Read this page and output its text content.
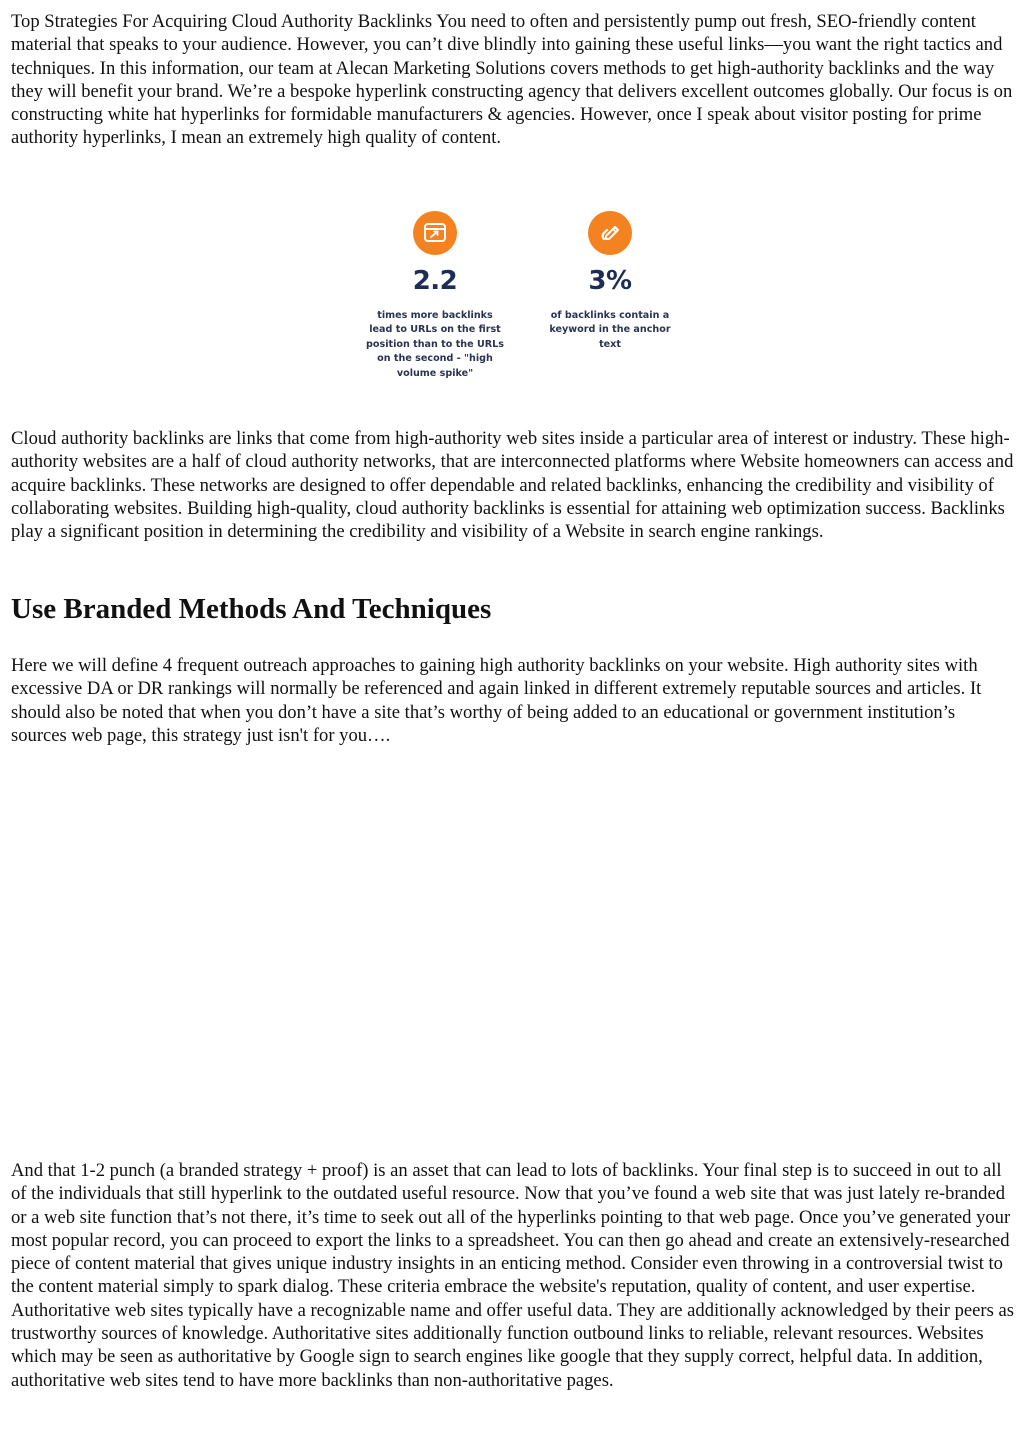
Top Strategies For Acquiring Cloud Authority Backlinks You need to often and persistently pump out fresh, SEO-friendly content material that speaks to your audience. However, you can’t dive blindly into gaining these useful links—you want the right tactics and techniques. In this information, our team at Alecan Marketing Solutions covers methods to get high-authority backlinks and the way they will benefit your brand. We’re a bespoke hyperlink constructing agency that delivers excellent outcomes globally. Our focus is on constructing white hat hyperlinks for formidable manufacturers & agencies. However, once I speak about visitor posting for prime authority hyperlinks, I mean an extremely high quality of content.

2.2
times more backlinks lead to URLs on the first position than to the URLs on the second - "high volume spike"
3%
of backlinks contain a keyword in the anchor text

Cloud authority backlinks are links that come from high-authority web sites inside a particular area of interest or industry. These high-authority websites are a half of cloud authority networks, that are interconnected platforms where Website homeowners can access and acquire backlinks. These networks are designed to offer dependable and related backlinks, enhancing the credibility and visibility of collaborating websites. Building high-quality, cloud authority backlinks is essential for attaining web optimization success. Backlinks play a significant position in determining the credibility and visibility of a Website in search engine rankings.

Use Branded Methods And Techniques

Here we will define 4 frequent outreach approaches to gaining high authority backlinks on your website. High authority sites with excessive DA or DR rankings will normally be referenced and again linked in different extremely reputable sources and articles. It should also be noted that when you don’t have a site that’s worthy of being added to an educational or government institution’s sources web page, this strategy just isn't for you….

And that 1-2 punch (a branded strategy + proof) is an asset that can lead to lots of backlinks. Your final step is to succeed in out to all of the individuals that still hyperlink to the outdated useful resource. Now that you’ve found a web site that was just lately re-branded or a web site function that’s not there, it’s time to seek out all of the hyperlinks pointing to that web page. Once you’ve generated your most popular record, you can proceed to export the links to a spreadsheet. You can then go ahead and create an extensively-researched piece of content material that gives unique industry insights in an enticing method. Consider even throwing in a controversial twist to the content material simply to spark dialog. These criteria embrace the website's reputation, quality of content, and user expertise. Authoritative web sites typically have a recognizable name and offer useful data. They are additionally acknowledged by their peers as trustworthy sources of knowledge. Authoritative sites additionally function outbound links to reliable, relevant resources. Websites which may be seen as authoritative by Google sign to search engines like google that they supply correct, helpful data. In addition, authoritative web sites tend to have more backlinks than non-authoritative pages.
